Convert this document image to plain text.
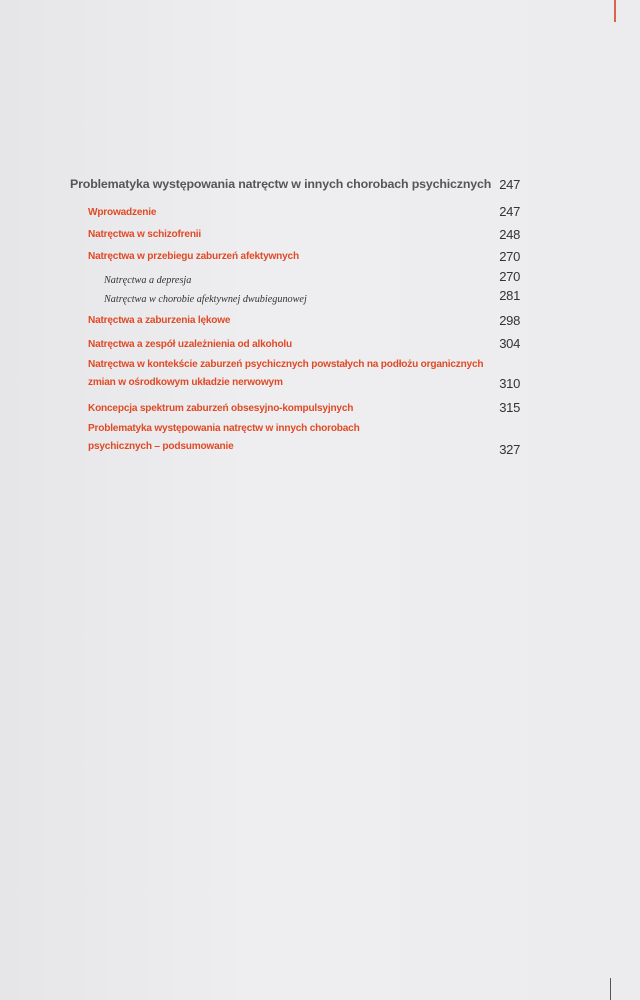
Problematyka występowania natręctw w innych chorobach psychicznych 247
Wprowadzenie	247
Natręctwa w schizofrenii	248
Natręctwa w przebiegu zaburzeń afektywnych	270
Natręctwa a depresja	270
Natręctwa w chorobie afektywnej dwubiegunowej	281
Natręctwa a zaburzenia lękowe	298
Natręctwa a zespół uzależnienia od alkoholu	304
Natręctwa w kontekście zaburzeń psychicznych powstałych na podłożu organicznych
zmian w ośrodkowym układzie nerwowym	310
Koncepcja spektrum zaburzeń obsesyjno-kompulsyjnych	315
Problematyka występowania natręctw w innych chorobach
psychicznych – podsumowanie	327
